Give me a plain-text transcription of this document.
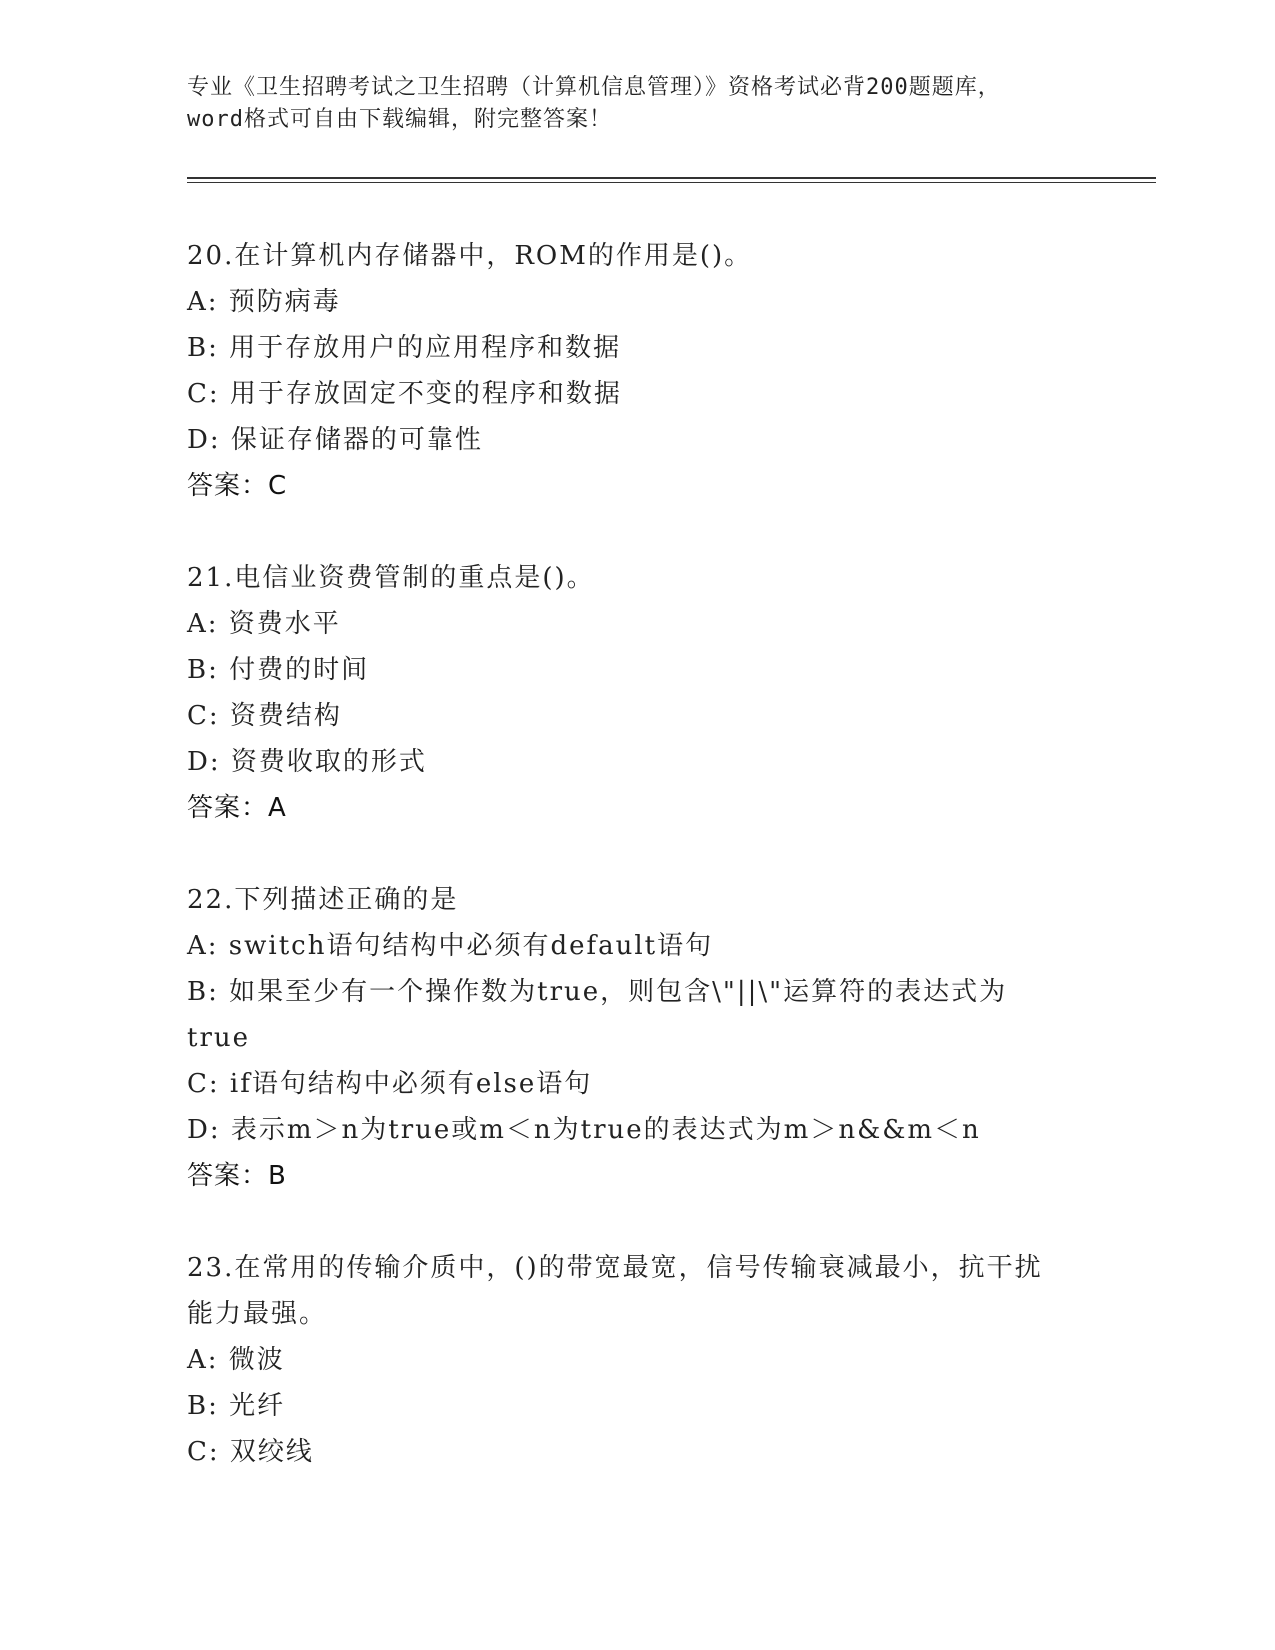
专业《卫生招聘考试之卫生招聘（计算机信息管理）》资格考试必背200题题库，
word格式可自由下载编辑，附完整答案！
20.在计算机内存储器中，ROM的作用是()。
A: 预防病毒
B: 用于存放用户的应用程序和数据
C: 用于存放固定不变的程序和数据
D: 保证存储器的可靠性
答案：C
21.电信业资费管制的重点是()。
A: 资费水平
B: 付费的时间
C: 资费结构
D: 资费收取的形式
答案：A
22.下列描述正确的是
A: switch语句结构中必须有default语句
B: 如果至少有一个操作数为true，则包含\"||\"运算符的表达式为
true
C: if语句结构中必须有else语句
D: 表示m＞n为true或m＜n为true的表达式为m＞n&&m＜n
答案：B
23.在常用的传输介质中，()的带宽最宽，信号传输衰减最小，抗干扰
能力最强。
A: 微波
B: 光纤
C: 双绞线
